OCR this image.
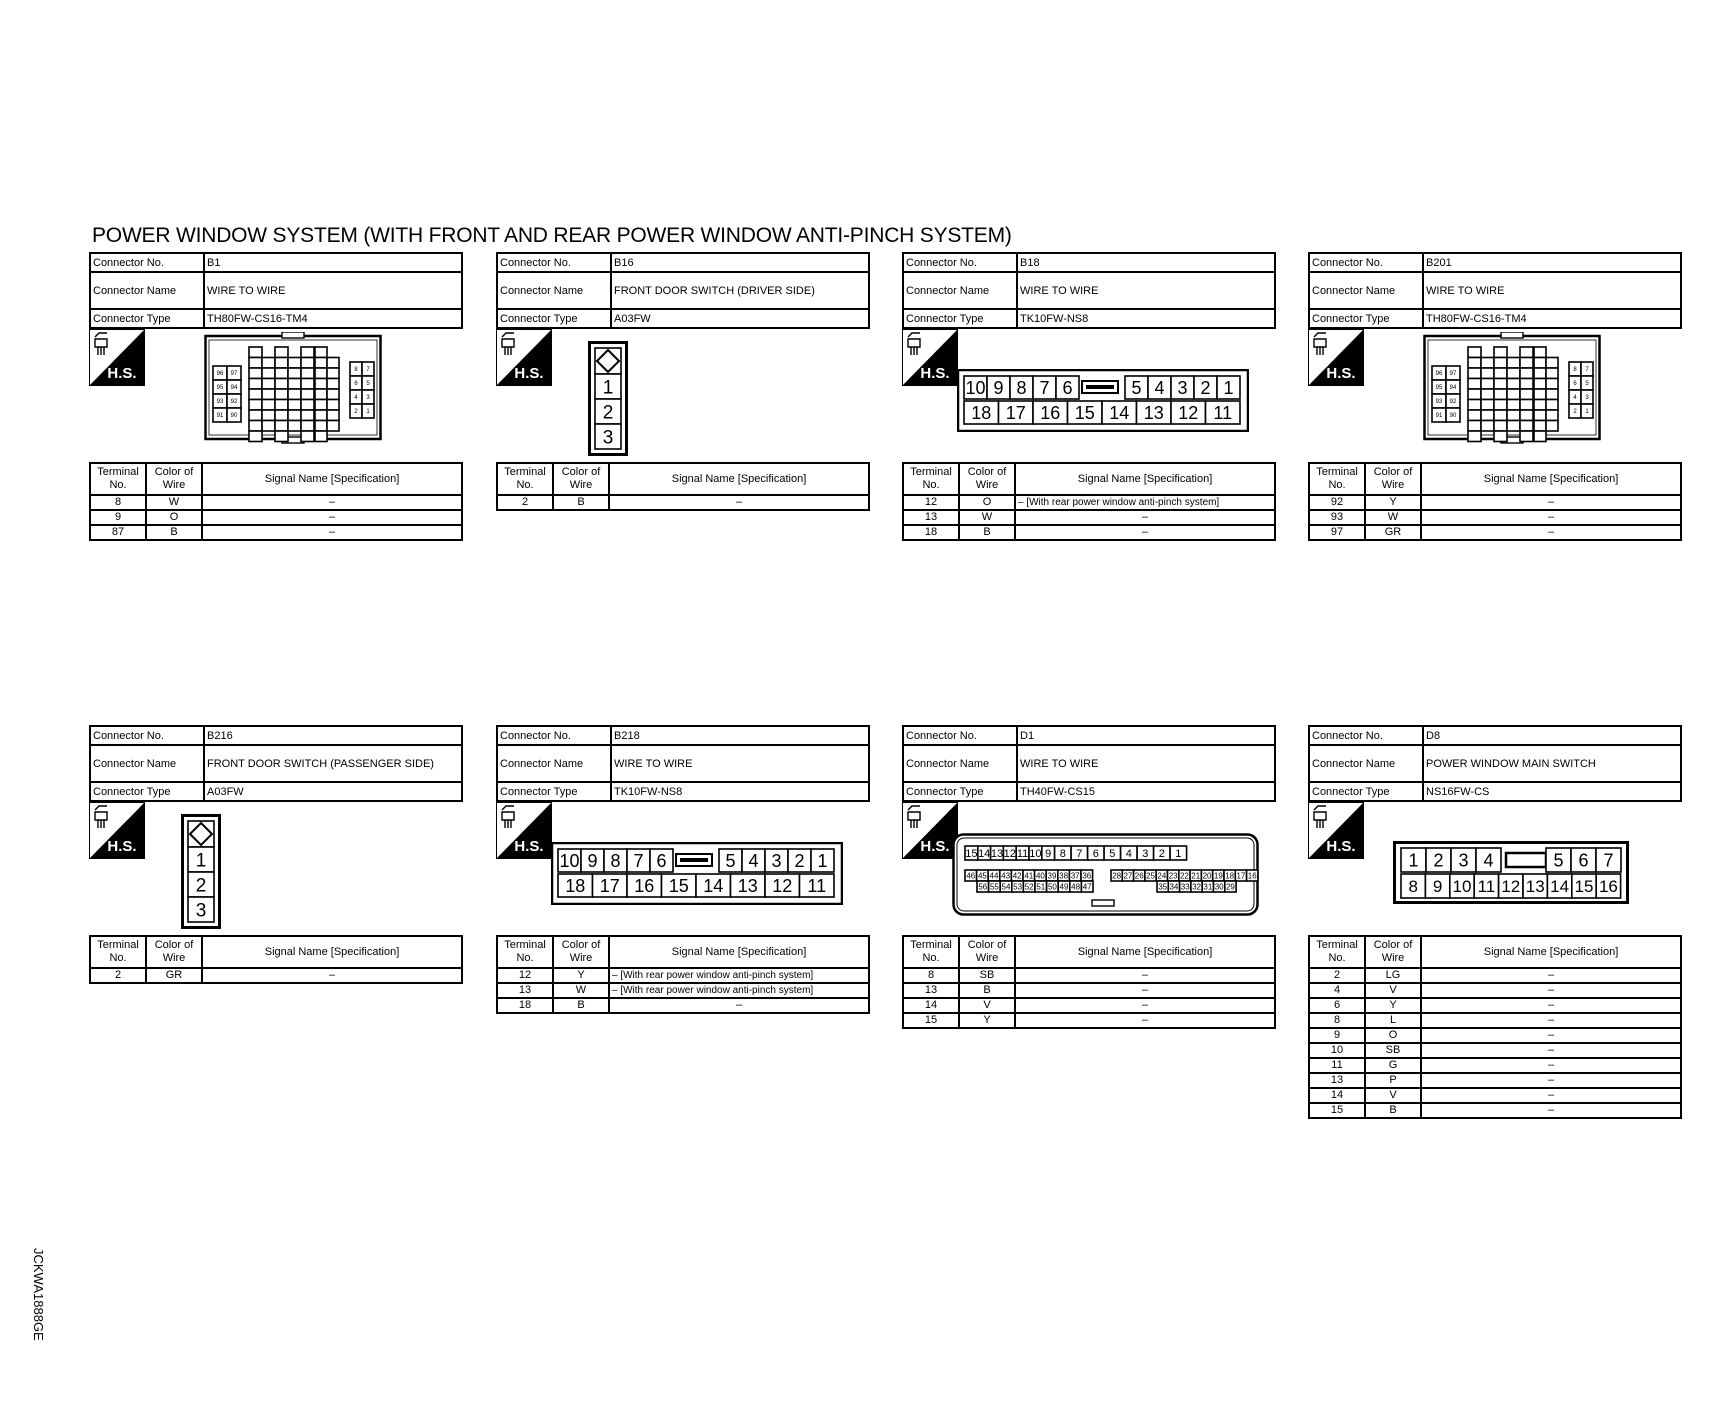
POWER WINDOW SYSTEM (WITH FRONT AND REAR POWER WINDOW ANTI-PINCH SYSTEM)
JCKWA1888GE
Connector No.	B1
Connector Name	WIRE TO WIRE
Connector Type	TH80FW-CS16-TM4
H.S.	96 97
95 94
93 92
91 90
8 7
6 5
4 3
2 1
Terminal No.	Color of Wire	Signal Name [Specification]
8	W	–
9	O	–
87	B	–
Connector No.	B16
Connector Name	FRONT DOOR SWITCH (DRIVER SIDE)
Connector Type	A03FW
H.S.
1
2
3
Terminal No.	Color of Wire	Signal Name [Specification]
2	B	–
Connector No.	B18
Connector Name	WIRE TO WIRE
Connector Type	TK10FW-NS8
H.S.
10 9 8 7 6	5 4 3 2 1
18 17 16 15 14 13 12 11
Terminal No.	Color of Wire	Signal Name [Specification]
12	O	– [With rear power window anti-pinch system]
13	W	–
18	B	–
Connector No.	B201
Connector Name	WIRE TO WIRE
Connector Type	TH80FW-CS16-TM4
H.S.	96 97
95 94
93 92
91 90
8 7
6 5
4 3
2 1
Terminal No.	Color of Wire	Signal Name [Specification]
92	Y	–
93	W	–
97	GR	–
Connector No.	B216
Connector Name	FRONT DOOR SWITCH (PASSENGER SIDE)
Connector Type	A03FW
H.S.
1
2
3
Terminal No.	Color of Wire	Signal Name [Specification]
2	GR	–
Connector No.	B218
Connector Name	WIRE TO WIRE
Connector Type	TK10FW-NS8
H.S.
10 9 8 7 6	5 4 3 2 1
18 17 16 15 14 13 12 11
Terminal No.	Color of Wire	Signal Name [Specification]
12	Y	– [With rear power window anti-pinch system]
13	W	– [With rear power window anti-pinch system]
18	B	–
Connector No.	D1
Connector Name	WIRE TO WIRE
Connector Type	TH40FW-CS15
H.S. 15 14 13 12 11 10 9 8 7 6 5 4 3 2 1
46 45 44 43 42 41 40 39 38 37 36	28 27 26 25 24 23 22 21 20 19 18 17 16
56 55 54 53 52 51 50 49 48 47	35 34 33 32 31 30 29
Terminal No.	Color of Wire	Signal Name [Specification]
8	SB	–
13	B	–
14	V	–
15	Y	–
Connector No.	D8
Connector Name	POWER WINDOW MAIN SWITCH
Connector Type	NS16FW-CS
H.S.
1 2 3 4	5 6 7
8 9 10 11 12 13 14 15 16
Terminal No.	Color of Wire	Signal Name [Specification]
2	LG	–
4	V	–
6	Y	–
8	L	–
9	O	–
10	SB	–
11	G	–
13	P	–
14	V	–
15	B	–
